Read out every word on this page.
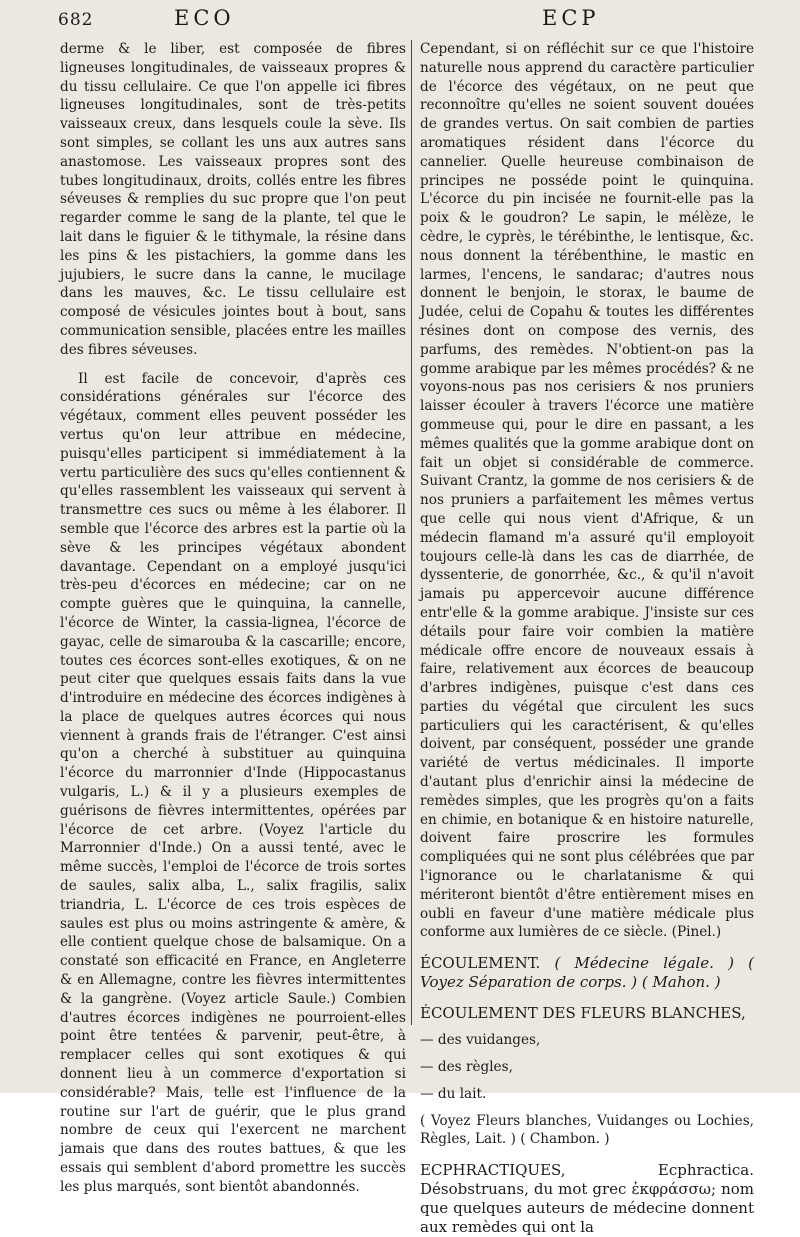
682	ECO	ECP

derme & le liber, est composée de fibres ligneuses longitudinales, de vaisseaux propres & du tissu cellulaire. Ce que l'on appelle ici fibres ligneuses longitudinales, sont de très-petits vaisseaux creux, dans lesquels coule la sève. Ils sont simples, se collant les uns aux autres sans anastomose. Les vaisseaux propres sont des tubes longitudinaux, droits, collés entre les fibres séveuses & remplies du suc propre que l'on peut regarder comme le sang de la plante, tel que le lait dans le figuier & le tithymale, la résine dans les pins & les pistachiers, la gomme dans les jujubiers, le sucre dans la canne, le mucilage dans les mauves, &c. Le tissu cellulaire est composé de vésicules jointes bout à bout, sans communication sensible, placées entre les mailles des fibres séveuses.

Il est facile de concevoir, d'après ces considérations générales sur l'écorce des végétaux, comment elles peuvent posséder les vertus qu'on leur attribue en médecine, puisqu'elles participent si immédiatement à la vertu particulière des sucs qu'elles contiennent & qu'elles rassemblent les vaisseaux qui servent à transmettre ces sucs ou même à les élaborer. Il semble que l'écorce des arbres est la partie où la sève & les principes végétaux abondent davantage. Cependant on a employé jusqu'ici très-peu d'écorces en médecine; car on ne compte guères que le quinquina, la cannelle, l'écorce de Winter, la cassia-lignea, l'écorce de gayac, celle de simarouba & la cascarille; encore, toutes ces écorces sont-elles exotiques, & on ne peut citer que quelques essais faits dans la vue d'introduire en médecine des écorces indigènes à la place de quelques autres écorces qui nous viennent à grands frais de l'étranger. C'est ainsi qu'on a cherché à substituer au quinquina l'écorce du marronnier d'Inde (Hippocastanus vulgaris, L.) & il y a plusieurs exemples de guérisons de fièvres intermittentes, opérées par l'écorce de cet arbre. (Voyez l'article du Marronnier d'Inde.) On a aussi tenté, avec le même succès, l'emploi de l'écorce de trois sortes de saules, salix alba, L., salix fragilis, salix triandria, L. L'écorce de ces trois espèces de saules est plus ou moins astringente & amère, & elle contient quelque chose de balsamique. On a constaté son efficacité en France, en Angleterre & en Allemagne, contre les fièvres intermittentes & la gangrène. (Voyez article Saule.) Combien d'autres écorces indigènes ne pourroient-elles point être tentées & parvenir, peut-être, à remplacer celles qui sont exotiques & qui donnent lieu à un commerce d'exportation si considérable? Mais, telle est l'influence de la routine sur l'art de guérir, que le plus grand nombre de ceux qui l'exercent ne marchent jamais que dans des routes battues, & que les essais qui semblent d'abord promettre les succès les plus marqués, sont bientôt abandonnés.

Cependant, si on réfléchit sur ce que l'histoire naturelle nous apprend du caractère particulier de l'écorce des végétaux, on ne peut que reconnoître qu'elles ne soient souvent douées de grandes vertus. On sait combien de parties aromatiques résident dans l'écorce du cannelier. Quelle heureuse combinaison de principes ne posséde point le quinquina. L'écorce du pin incisée ne fournit-elle pas la poix & le goudron? Le sapin, le mélèze, le cèdre, le cyprès, le térébinthe, le lentisque, &c. nous donnent la térébenthine, le mastic en larmes, l'encens, le sandarac; d'autres nous donnent le benjoin, le storax, le baume de Judée, celui de Copahu & toutes les différentes résines dont on compose des vernis, des parfums, des remèdes. N'obtient-on pas la gomme arabique par les mêmes procédés? & ne voyons-nous pas nos cerisiers & nos pruniers laisser écouler à travers l'écorce une matière gommeuse qui, pour le dire en passant, a les mêmes qualités que la gomme arabique dont on fait un objet si considérable de commerce. Suivant Crantz, la gomme de nos cerisiers & de nos pruniers a parfaitement les mêmes vertus que celle qui nous vient d'Afrique, & un médecin flamand m'a assuré qu'il employoit toujours celle-là dans les cas de diarrhée, de dyssenterie, de gonorrhée, &c., & qu'il n'avoit jamais pu appercevoir aucune différence entr'elle & la gomme arabique. J'insiste sur ces détails pour faire voir combien la matière médicale offre encore de nouveaux essais à faire, relativement aux écorces de beaucoup d'arbres indigènes, puisque c'est dans ces parties du végétal que circulent les sucs particuliers qui les caractérisent, & qu'elles doivent, par conséquent, posséder une grande variété de vertus médicinales. Il importe d'autant plus d'enrichir ainsi la médecine de remèdes simples, que les progrès qu'on a faits en chimie, en botanique & en histoire naturelle, doivent faire proscrire les formules compliquées qui ne sont plus célébrées que par l'ignorance ou le charlatanisme & qui mériteront bientôt d'être entièrement mises en oubli en faveur d'une matière médicale plus conforme aux lumières de ce siècle. (Pinel.)

ÉCOULEMENT. ( Médecine légale. ) ( Voyez Séparation de corps. ) ( Mahon. )
ÉCOULEMENT DES FLEURS BLANCHES,
— des vuidanges,
— des règles,
— du lait.
( Voyez Fleurs blanches, Vuidanges ou Lochies, Règles, Lait. ) ( Chambon. )
ECPHRACTIQUES,	Ecphractica. Désobstruans, du mot grec ἐκφράσσω; nom que quelques auteurs de médecine donnent aux remèdes qui ont la
